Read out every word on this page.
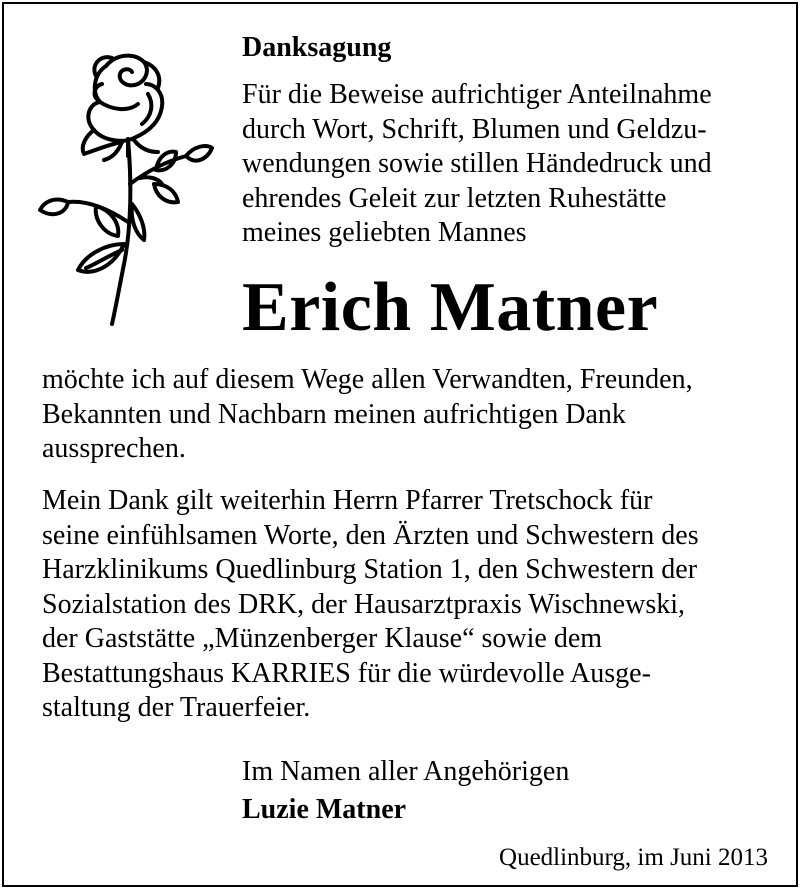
Danksagung

Für die Beweise aufrichtiger Anteilnahme
durch Wort, Schrift, Blumen und Geldzu-
wendungen sowie stillen Händedruck und
ehrendes Geleit zur letzten Ruhestätte
meines geliebten Mannes

Erich Matner

möchte ich auf diesem Wege allen Verwandten, Freunden,
Bekannten und Nachbarn meinen aufrichtigen Dank
aussprechen.

Mein Dank gilt weiterhin Herrn Pfarrer Tretschock für
seine einfühlsamen Worte, den Ärzten und Schwestern des
Harzklinikums Quedlinburg Station 1, den Schwestern der
Sozialstation des DRK, der Hausarztpraxis Wischnewski,
der Gaststätte „Münzenberger Klause“ sowie dem
Bestattungshaus KARRIES für die würdevolle Ausge-
staltung der Trauerfeier.

Im Namen aller Angehörigen

Luzie Matner

Quedlinburg, im Juni 2013
